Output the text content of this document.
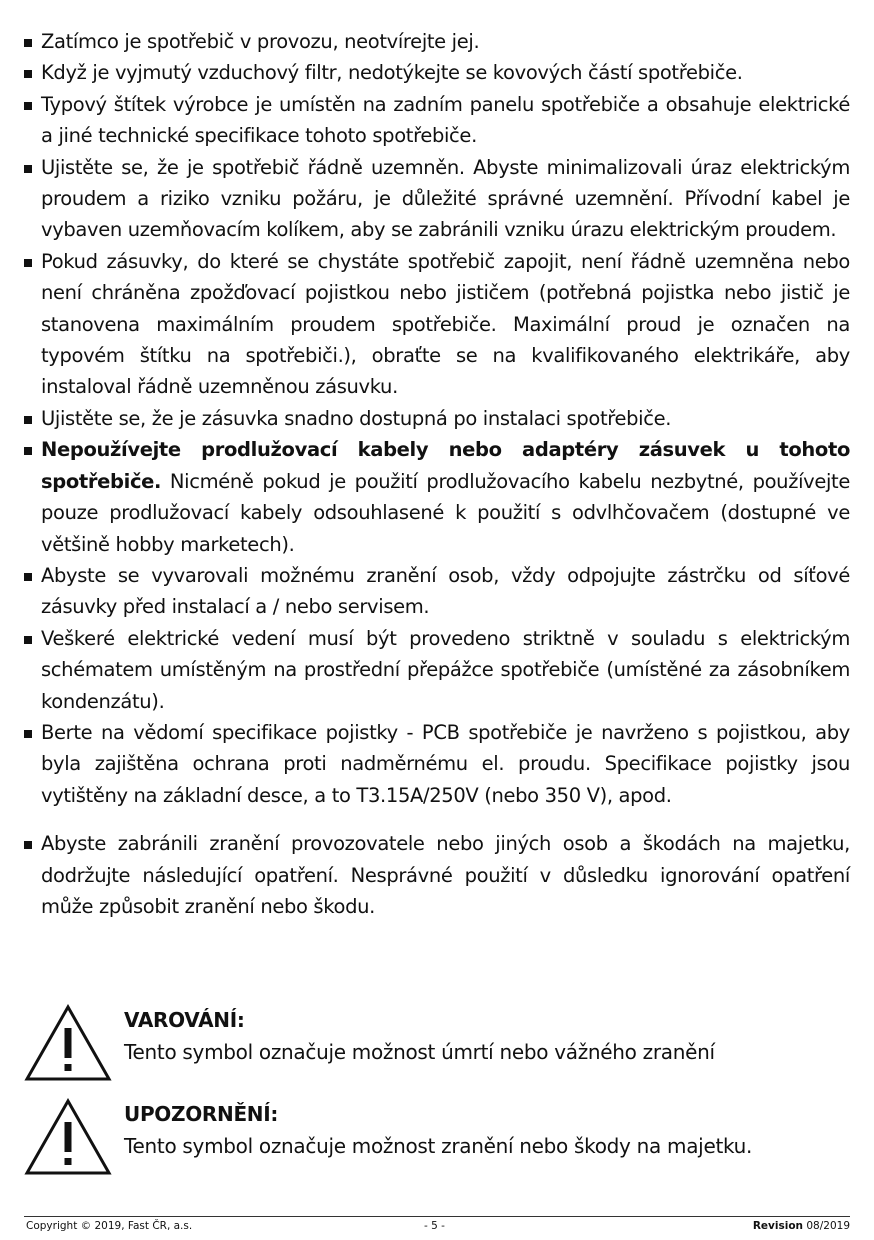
Zatímco je spotřebič v provozu, neotvírejte jej.
Když je vyjmutý vzduchový filtr, nedotýkejte se kovových částí spotřebiče.
Typový štítek výrobce je umístěn na zadním panelu spotřebiče a obsahuje elektrické a jiné technické specifikace tohoto spotřebiče.
Ujistěte se, že je spotřebič řádně uzemněn. Abyste minimalizovali úraz elektrickým proudem a riziko vzniku požáru, je důležité správné uzemnění. Přívodní kabel je vybaven uzemňovacím kolíkem, aby se zabránili vzniku úrazu elektrickým proudem.
Pokud zásuvky, do které se chystáte spotřebič zapojit, není řádně uzemněna nebo není chráněna zpožďovací pojistkou nebo jističem (potřebná pojistka nebo jistič je stanovena maximálním proudem spotřebiče. Maximální proud je označen na typovém štítku na spotřebiči.), obraťte se na kvalifikovaného elektrikáře, aby instaloval řádně uzemněnou zásuvku.
Ujistěte se, že je zásuvka snadno dostupná po instalaci spotřebiče.
Nepoužívejte prodlužovací kabely nebo adaptéry zásuvek u tohoto spotřebiče. Nicméně pokud je použití prodlužovacího kabelu nezbytné, používejte pouze prodlužovací kabely odsouhlasené k použití s odvlhčovačem (dostupné ve většině hobby marketech).
Abyste se vyvarovali možnému zranění osob, vždy odpojujte zástrčku od síťové zásuvky před instalací a / nebo servisem.
Veškeré elektrické vedení musí být provedeno striktně v souladu s elektrickým schématem umístěným na prostřední přepážce spotřebiče (umístěné za zásobníkem kondenzátu).
Berte na vědomí specifikace pojistky - PCB spotřebiče je navrženo s pojistkou, aby byla zajištěna ochrana proti nadměrnému el. proudu. Specifikace pojistky jsou vytištěny na základní desce, a to T3.15A/250V (nebo 350 V), apod.
Abyste zabránili zranění provozovatele nebo jiných osob a škodách na majetku, dodržujte následující opatření. Nesprávné použití v důsledku ignorování opatření může způsobit zranění nebo škodu.
VAROVÁNÍ:
Tento symbol označuje možnost úmrtí nebo vážného zranění
UPOZORNĚNÍ:
Tento symbol označuje možnost zranění nebo škody na majetku.
Copyright © 2019, Fast ČR, a.s.	- 5 -	Revision 08/2019
